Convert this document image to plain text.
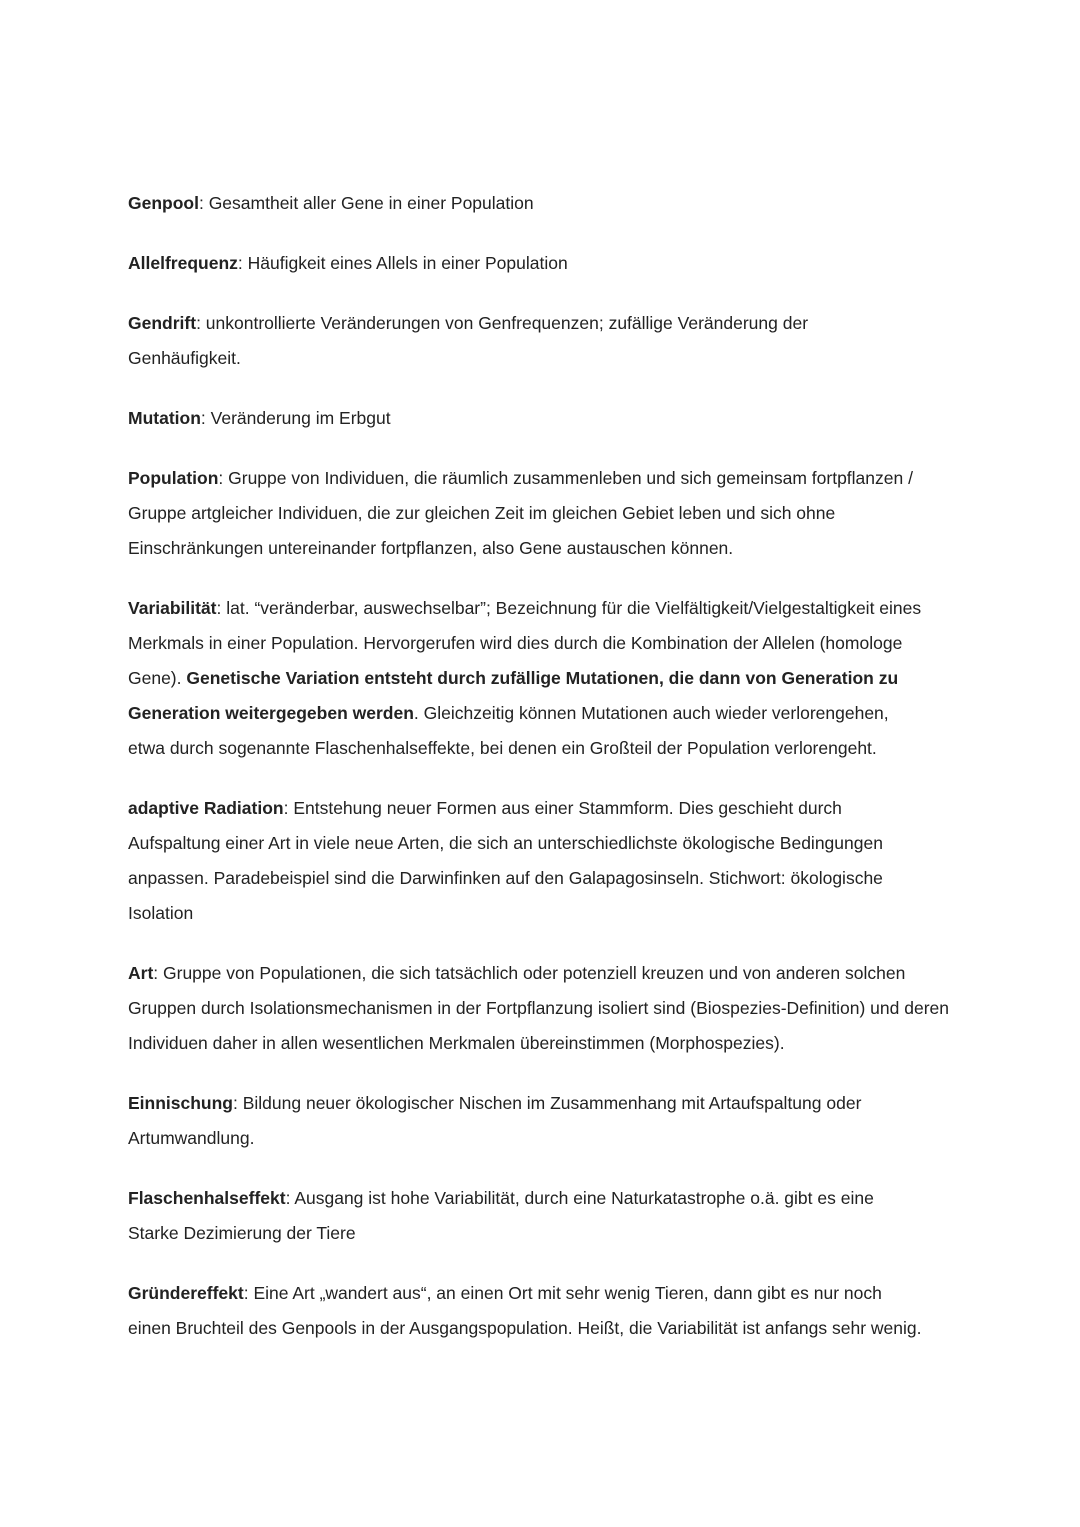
Genpool: Gesamtheit aller Gene in einer Population

Allelfrequenz: Häufigkeit eines Allels in einer Population

Gendrift: unkontrollierte Veränderungen von Genfrequenzen; zufällige Veränderung der Genhäufigkeit.

Mutation: Veränderung im Erbgut

Population: Gruppe von Individuen, die räumlich zusammenleben und sich gemeinsam fortpflanzen / Gruppe artgleicher Individuen, die zur gleichen Zeit im gleichen Gebiet leben und sich ohne Einschränkungen untereinander fortpflanzen, also Gene austauschen können.

Variabilität: lat. “veränderbar, auswechselbar”; Bezeichnung für die Vielfältigkeit/Vielgestaltigkeit eines Merkmals in einer Population. Hervorgerufen wird dies durch die Kombination der Allelen (homologe Gene). Genetische Variation entsteht durch zufällige Mutationen, die dann von Generation zu Generation weitergegeben werden. Gleichzeitig können Mutationen auch wieder verlorengehen, etwa durch sogenannte Flaschenhalseffekte, bei denen ein Großteil der Population verlorengeht.

adaptive Radiation: Entstehung neuer Formen aus einer Stammform. Dies geschieht durch Aufspaltung einer Art in viele neue Arten, die sich an unterschiedlichste ökologische Bedingungen anpassen. Paradebeispiel sind die Darwinfinken auf den Galapagosinseln. Stichwort: ökologische Isolation

Art: Gruppe von Populationen, die sich tatsächlich oder potenziell kreuzen und von anderen solchen Gruppen durch Isolationsmechanismen in der Fortpflanzung isoliert sind (Biospezies-Definition) und deren Individuen daher in allen wesentlichen Merkmalen übereinstimmen (Morphospezies).

Einnischung: Bildung neuer ökologischer Nischen im Zusammenhang mit Artaufspaltung oder Artumwandlung.

Flaschenhalseffekt: Ausgang ist hohe Variabilität, durch eine Naturkatastrophe o.ä. gibt es eine Starke Dezimierung der Tiere

Gründereffekt: Eine Art „wandert aus“, an einen Ort mit sehr wenig Tieren, dann gibt es nur noch einen Bruchteil des Genpools in der Ausgangspopulation. Heißt, die Variabilität ist anfangs sehr wenig.
